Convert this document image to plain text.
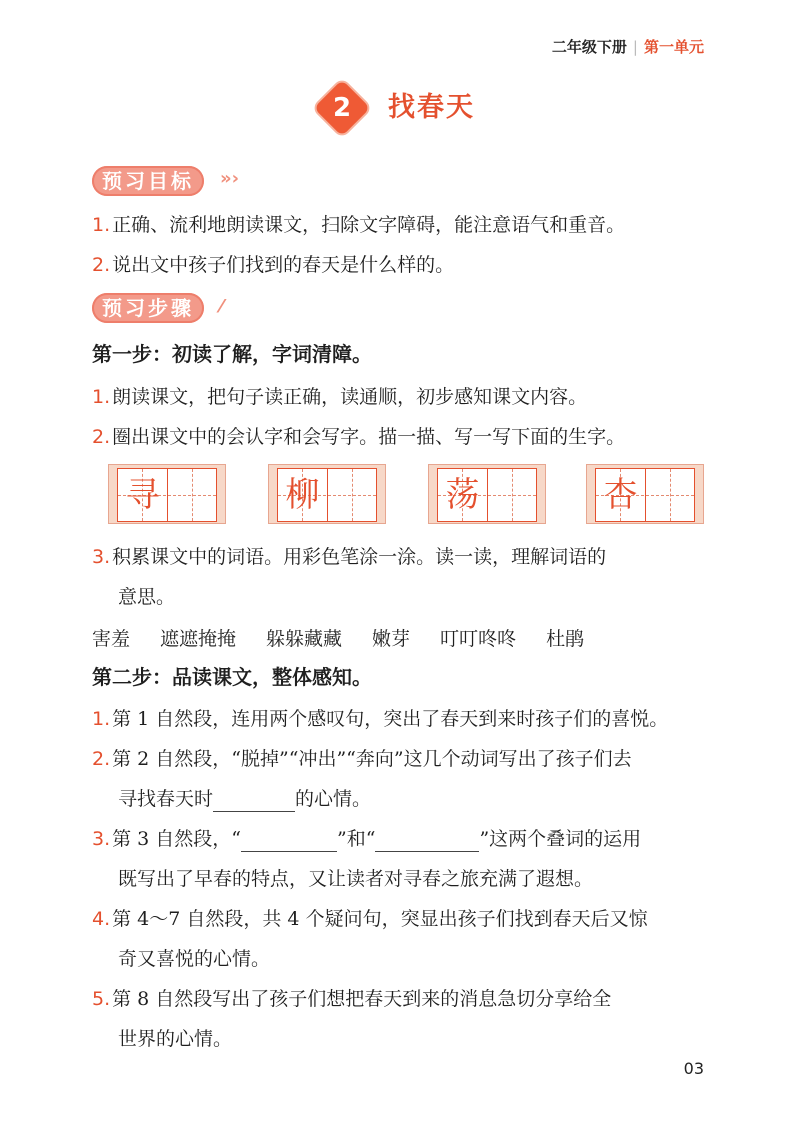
二年级下册 | 第一单元
2	找春天
预习目标	»›
1. 正确、流利地朗读课文，扫除文字障碍，能注意语气和重音。
2. 说出文中孩子们找到的春天是什么样的。
预习步骤	⁄
第一步：初读了解，字词清障。
1. 朗读课文，把句子读正确，读通顺，初步感知课文内容。
2. 圈出课文中的会认字和会写字。描一描、写一写下面的生字。
寻	柳	荡	杏
3. 积累课文中的词语。用彩色笔涂一涂。读一读，理解词语的
意思。
害羞 遮遮掩掩 躲躲藏藏 嫩芽 叮叮咚咚 杜鹃
第二步：品读课文，整体感知。
1. 第 1 自然段，连用两个感叹句，突出了春天到来时孩子们的喜悦。
2. 第 2 自然段，“脱掉”“冲出”“奔向”这几个动词写出了孩子们去
寻找春天时	的心情。
3. 第 3 自然段，“	”和“	”这两个叠词的运用
既写出了早春的特点，又让读者对寻春之旅充满了遐想。
4. 第 4～7 自然段，共 4 个疑问句，突显出孩子们找到春天后又惊
奇又喜悦的心情。
5. 第 8 自然段写出了孩子们想把春天到来的消息急切分享给全
世界的心情。
03
